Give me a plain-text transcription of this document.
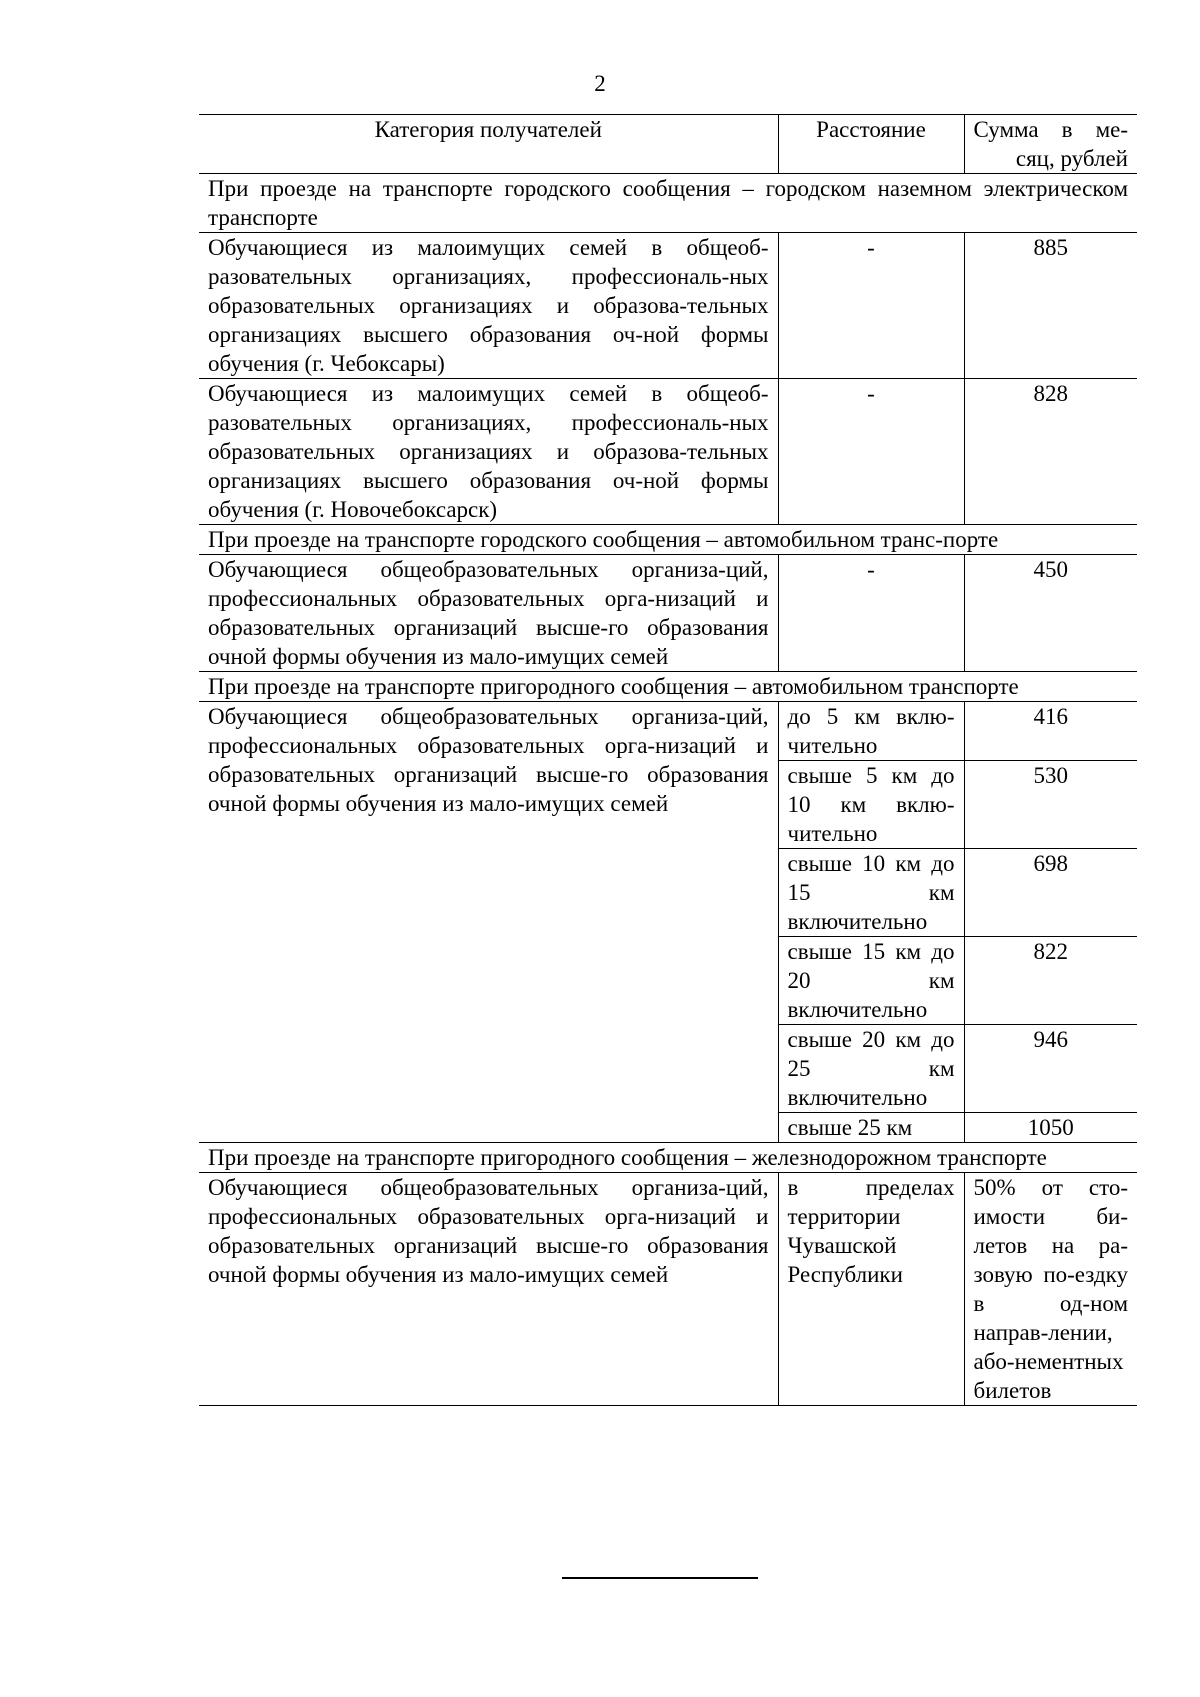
2
Категория получателей	Расстояние	Сумма в ме-сяц, рублей
При проезде на транспорте городского сообщения – городском наземном электрическом транспорте		
Обучающиеся из малоимущих семей в общеоб-разовательных организациях, профессиональ-ных образовательных организациях и образова-тельных организациях высшего образования оч-ной формы обучения (г. Чебоксары)	-	885
Обучающиеся из малоимущих семей в общеоб-разовательных организациях, профессиональ-ных образовательных организациях и образова-тельных организациях высшего образования оч-ной формы обучения (г. Новочебоксарск)	-	828
При проезде на транспорте городского сообщения – автомобильном транс-порте		
Обучающиеся общеобразовательных организа-ций, профессиональных образовательных орга-низаций и образовательных организаций высше-го образования очной формы обучения из мало-имущих семей	-	450
При проезде на транспорте пригородного сообщения – автомобильном транспорте		
Обучающиеся общеобразовательных организа-ций, профессиональных образовательных орга-низаций и образовательных организаций высше-го образования очной формы обучения из мало-имущих семей	до 5 км вклю-чительно	416
	свыше 5 км до 10 км вклю-чительно	530
	свыше 10 км до 15 км включительно	698
	свыше 15 км до 20 км включительно	822
	свыше 20 км до 25 км включительно	946
	свыше 25 км	1050
При проезде на транспорте пригородного сообщения – железнодорожном транспорте		
Обучающиеся общеобразовательных организа-ций, профессиональных образовательных орга-низаций и образовательных организаций высше-го образования очной формы обучения из мало-имущих семей	в пределах территории Чувашской Республики	50% от сто-имости би-летов на ра-зовую по-ездку в од-ном направ-лении, або-нементных билетов
